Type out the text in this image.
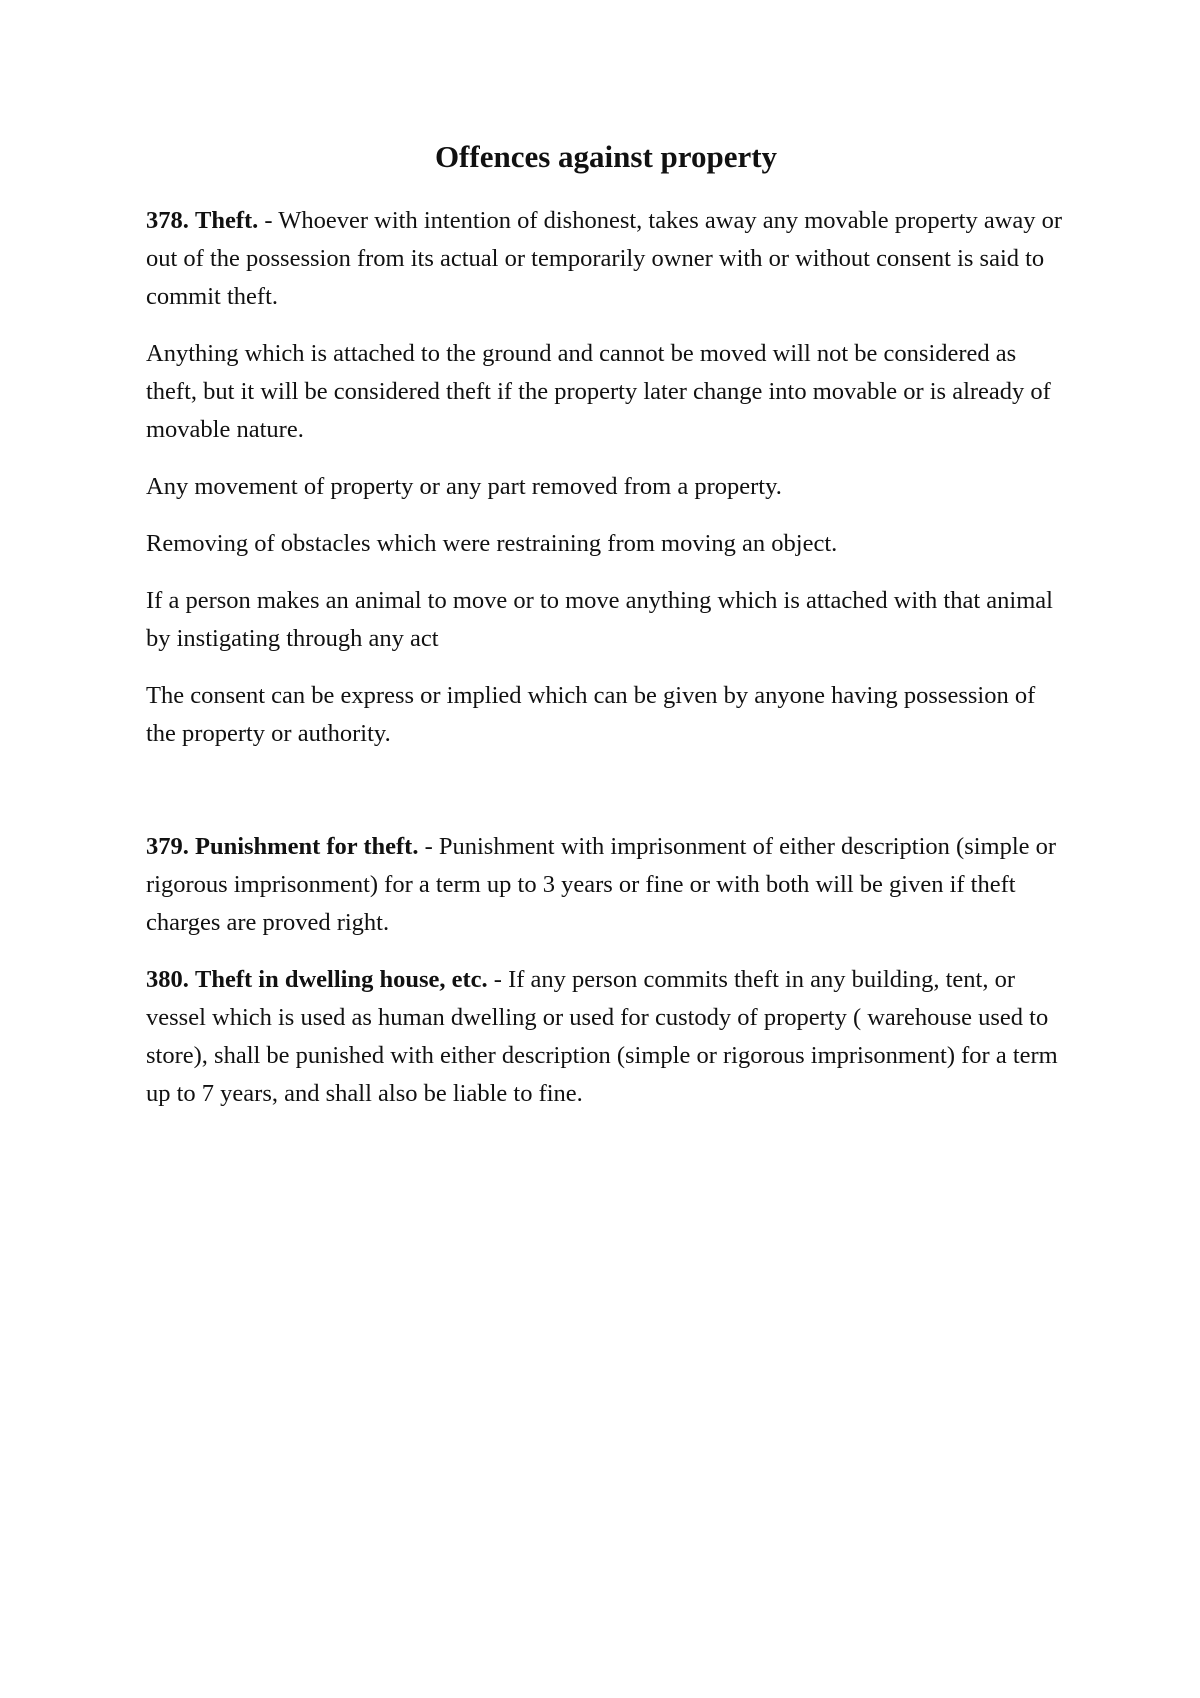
Offences against property

378. Theft. - Whoever with intention of dishonest, takes away any movable property away or out of the possession from its actual or temporarily owner with or without consent is said to commit theft.

Anything which is attached to the ground and cannot be moved will not be considered as theft, but it will be considered theft if the property later change into movable or is already of movable nature.

Any movement of property or any part removed from a property.

Removing of obstacles which were restraining from moving an object.

If a person makes an animal to move or to move anything which is attached with that animal by instigating through any act

The consent can be express or implied which can be given by anyone having possession of the property or authority.

379. Punishment for theft. - Punishment with imprisonment of either description (simple or rigorous imprisonment) for a term up to 3 years or fine or with both will be given if theft charges are proved right.

380. Theft in dwelling house, etc. - If any person commits theft in any building, tent, or vessel which is used as human dwelling or used for custody of property ( warehouse used to store), shall be punished with either description (simple or rigorous imprisonment) for a term up to 7 years, and shall also be liable to fine.
